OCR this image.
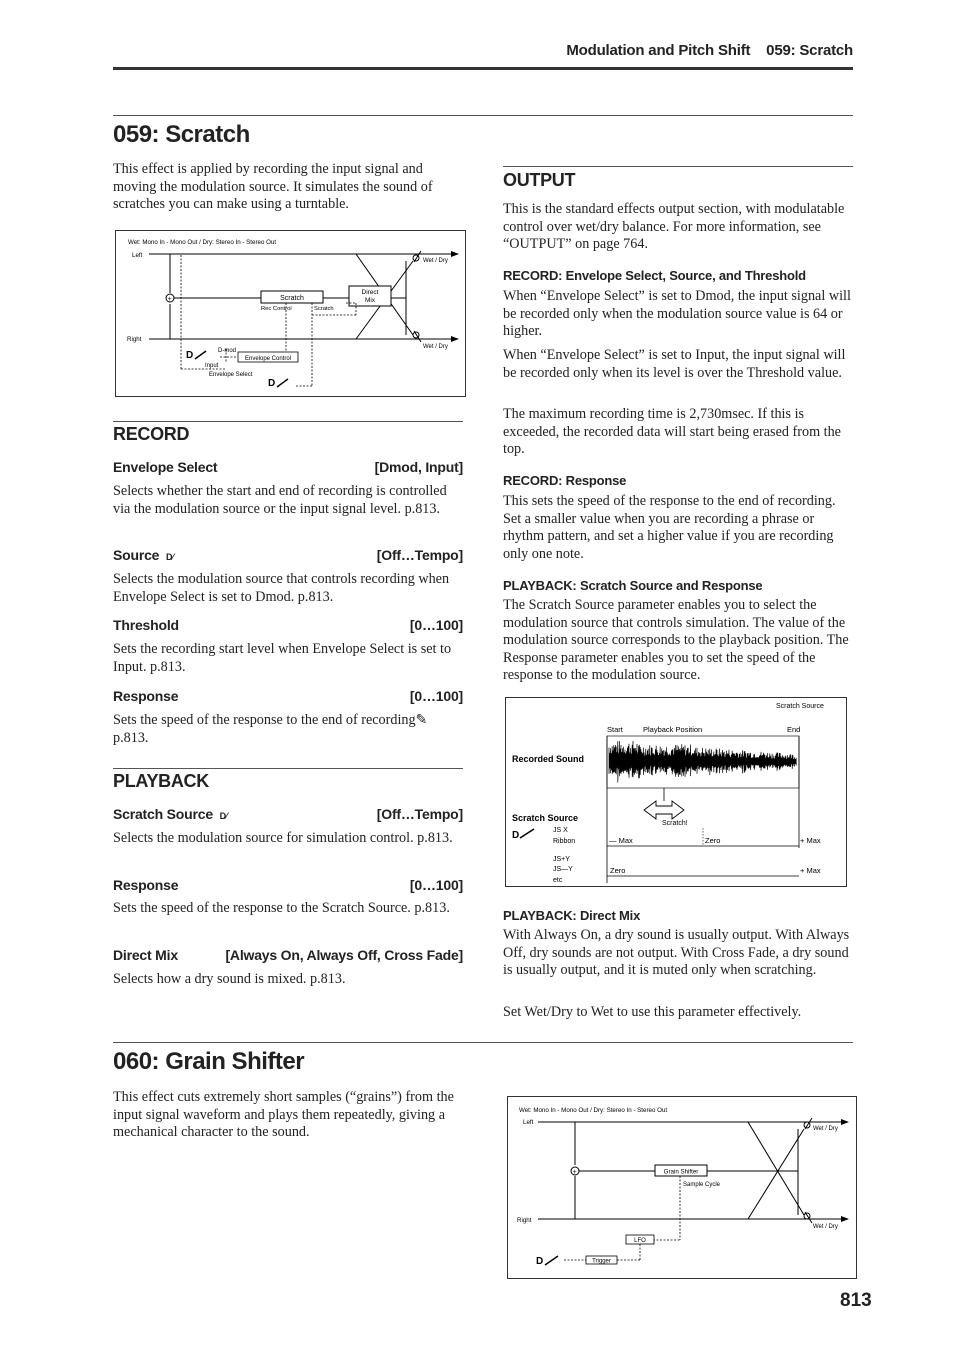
Modulation and Pitch Shift    059: Scratch
059: Scratch
This effect is applied by recording the input signal and moving the modulation source. It simulates the sound of scratches you can make using a turntable.
Wet: Mono In - Mono Out / Dry: Stereo In - Stereo Out
Left
Right
+
Wet / Dry
Wet / Dry
Scratch
Direct
Mix
Rec Control	Scratch
Envelope Control
D	D-mod
Input
Envelope Select
D
RECORD
Envelope Select	[Dmod, Input]
Selects whether the start and end of recording is controlled via the modulation source or the input signal level. p.813.
Source D⁄	[Off…Tempo]
Selects the modulation source that controls recording when Envelope Select is set to Dmod. p.813.
Threshold	[0…100]
Sets the recording start level when Envelope Select is set to Input. p.813.
Response	[0…100]
Sets the speed of the response to the end of recording✎ p.813.
PLAYBACK
Scratch Source D⁄	[Off…Tempo]
Selects the modulation source for simulation control. p.813.
Response	[0…100]
Sets the speed of the response to the Scratch Source. p.813.
Direct Mix	[Always On, Always Off, Cross Fade]
Selects how a dry sound is mixed. p.813.
OUTPUT
This is the standard effects output section, with modulatable control over wet/dry balance. For more information, see “OUTPUT” on page 764.
RECORD: Envelope Select, Source, and Threshold
When “Envelope Select” is set to Dmod, the input signal will be recorded only when the modulation source value is 64 or higher.
When “Envelope Select” is set to Input, the input signal will be recorded only when its level is over the Threshold value.
The maximum recording time is 2,730msec. If this is exceeded, the recorded data will start being erased from the top.
RECORD: Response
This sets the speed of the response to the end of recording. Set a smaller value when you are recording a phrase or rhythm pattern, and set a higher value if you are recording only one note.
PLAYBACK: Scratch Source and Response
The Scratch Source parameter enables you to select the modulation source that controls simulation. The value of the modulation source corresponds to the playback position. The Response parameter enables you to set the speed of the response to the modulation source.
Scratch Source
Start	Playback Position	End
Recorded Sound
Scratch Source
D
Scratch!
JS X
Ribbon	— Max	Zero	+ Max
JS+Y
JS—Y
etc
Zero	+ Max
PLAYBACK: Direct Mix
With Always On, a dry sound is usually output. With Always Off, dry sounds are not output. With Cross Fade, a dry sound is usually output, and it is muted only when scratching.
Set Wet/Dry to Wet to use this parameter effectively.
060: Grain Shifter
This effect cuts extremely short samples (“grains”) from the input signal waveform and plays them repeatedly, giving a mechanical character to the sound.
Wet: Mono In - Mono Out / Dry: Stereo In - Stereo Out
Left
Right
+
Wet / Dry
Wet / Dry
Grain Shifter
Sample Cycle
LFO
Trigger
D
813
